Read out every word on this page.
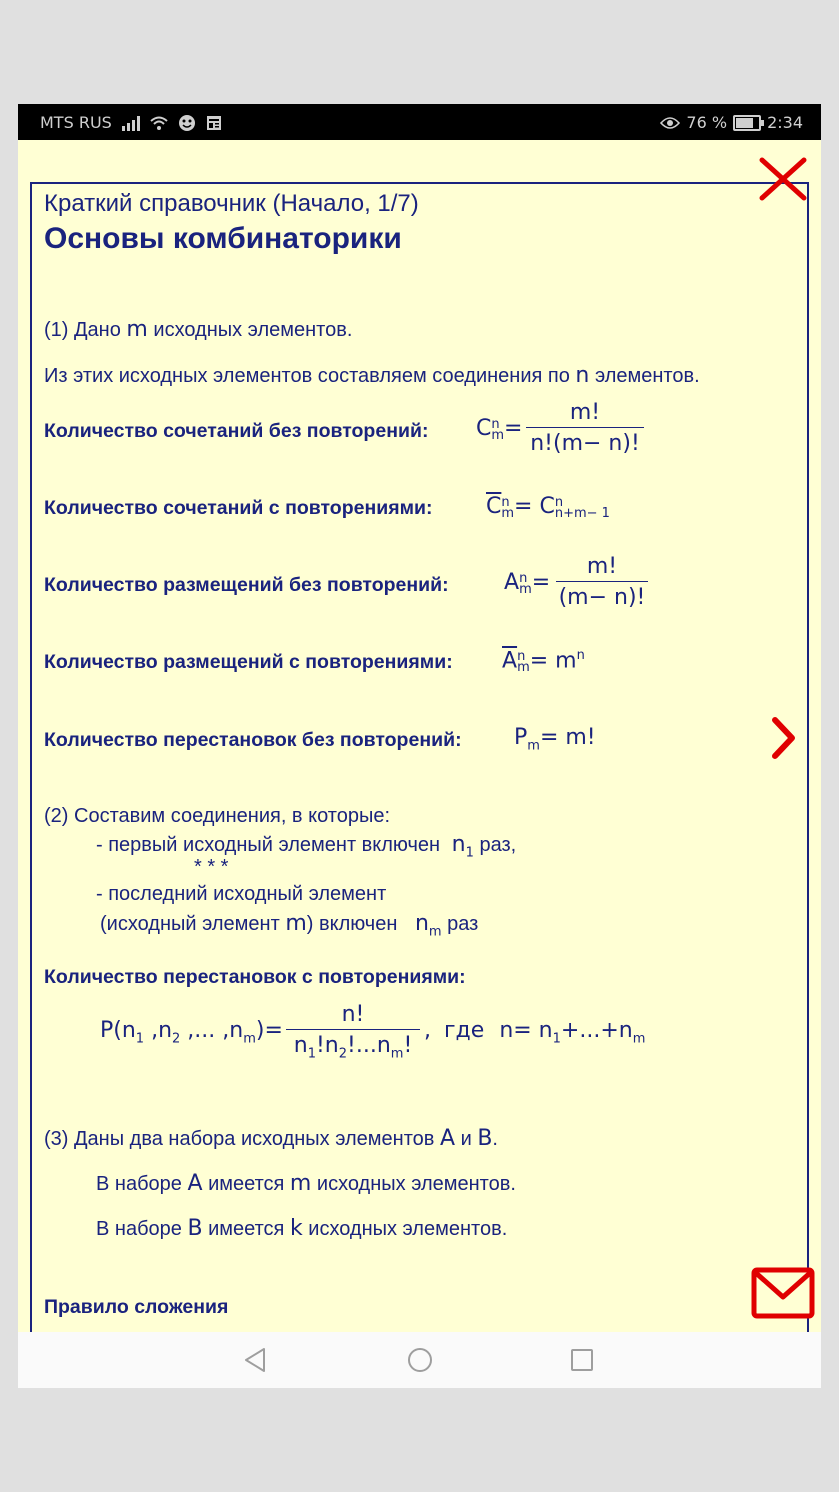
MTS RUS	76 %	2:34
Краткий справочник (Начало, 1/7)
Основы комбинаторики
(1) Дано m исходных элементов.
Из этих исходных элементов составляем соединения по n элементов.
Количество сочетаний без повторений: C n
$m = \frac{m!}{n!(m- n)!}$
Количество сочетаний с повторениями: $\overline{C}$ n
m = C n
n+m− 1
Количество размещений без повторений:	A n
$m = \frac{m!}{(m- n)!}$
Количество размещений с повторениями: $\overline{A}$ n
$m = m^n$
Количество перестановок без повторений: $P_m= m$!
(2) Составим соединения, в которые:
- первый исходный элемент включен $n_1$ раз,
* * *
- последний исходный элемент
(исходный элемент m) включен $n_m$ раз
Количество перестановок с повторениями:
$P(n_1$ $,n_2$ ,... $,n_m)= \frac{n!}{n_1!n_2!...n_m!}$ , где $n= n_1+...+n_m$
(3) Даны два набора исходных элементов A и B.
В наборе A имеется m исходных элементов.
В наборе B имеется k исходных элементов.
Правило сложения
